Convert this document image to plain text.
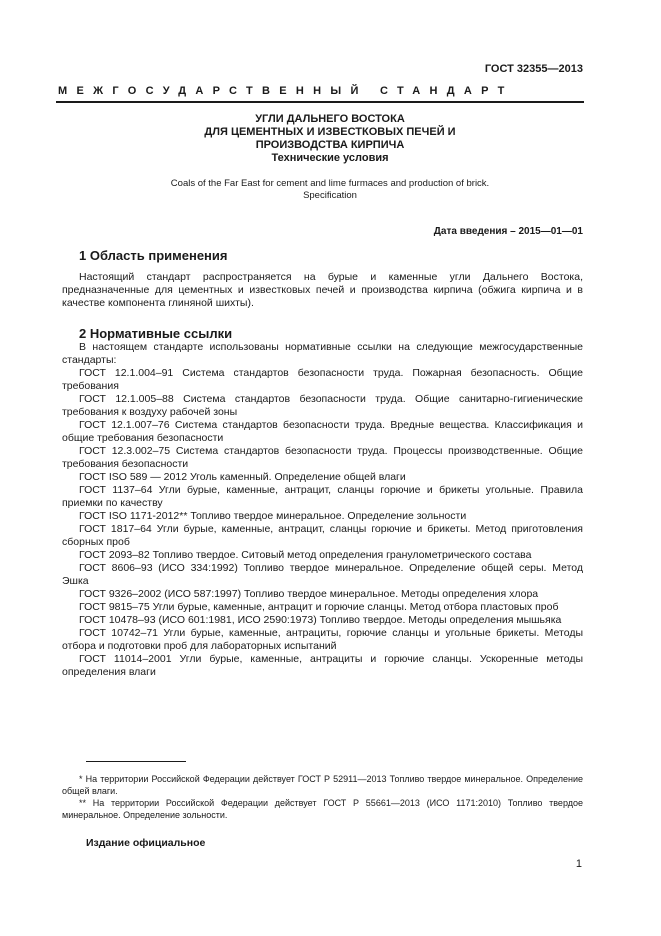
ГОСТ 32355—2013
МЕЖГОСУДАРСТВЕННЫЙ СТАНДАРТ
УГЛИ ДАЛЬНЕГО ВОСТОКА
ДЛЯ ЦЕМЕНТНЫХ И ИЗВЕСТКОВЫХ ПЕЧЕЙ И
ПРОИЗВОДСТВА КИРПИЧА
Технические условия
Coals of the Far East for cement and lime furmaces and production of brick.
Specification
Дата введения – 2015—01—01
1 Область применения
Настоящий стандарт распространяется на бурые и каменные угли Дальнего Востока, предназначенные для цементных и известковых печей и производства кирпича (обжига кирпича и в качестве компонента глиняной шихты).
2 Нормативные ссылки
В настоящем стандарте использованы нормативные ссылки на следующие межгосударственные стандарты:
ГОСТ 12.1.004–91 Система стандартов безопасности труда. Пожарная безопасность. Общие требования
ГОСТ 12.1.005–88 Система стандартов безопасности труда. Общие санитарно-гигиенические требования к воздуху рабочей зоны
ГОСТ 12.1.007–76 Система стандартов безопасности труда. Вредные вещества. Классификация и общие требования безопасности
ГОСТ 12.3.002–75 Система стандартов безопасности труда. Процессы производственные. Общие требования безопасности
ГОСТ ISO 589 — 2012 Уголь каменный. Определение общей влаги
ГОСТ 1137–64 Угли бурые, каменные, антрацит, сланцы горючие и брикеты угольные. Правила приемки по качеству
ГОСТ ISO 1171-2012** Топливо твердое минеральное. Определение зольности
ГОСТ 1817–64 Угли бурые, каменные, антрацит, сланцы горючие и брикеты. Метод приготовления сборных проб
ГОСТ 2093–82 Топливо твердое. Ситовый метод определения гранулометрического состава
ГОСТ 8606–93 (ИСО 334:1992) Топливо твердое минеральное. Определение общей серы. Метод Эшка
ГОСТ 9326–2002 (ИСО 587:1997) Топливо твердое минеральное. Методы определения хлора
ГОСТ 9815–75 Угли бурые, каменные, антрацит и горючие сланцы. Метод отбора пластовых проб
ГОСТ 10478–93 (ИСО 601:1981, ИСО 2590:1973) Топливо твердое. Методы определения мышьяка
ГОСТ 10742–71 Угли бурые, каменные, антрациты, горючие сланцы и угольные брикеты. Методы отбора и подготовки проб для лабораторных испытаний
ГОСТ 11014–2001 Угли бурые, каменные, антрациты и горючие сланцы. Ускоренные методы определения влаги
* На территории Российской Федерации действует ГОСТ Р 52911—2013 Топливо твердое минеральное. Определение общей влаги.
** На территории Российской Федерации действует ГОСТ Р 55661—2013 (ИСО 1171:2010) Топливо твердое минеральное. Определение зольности.
Издание официальное
1
